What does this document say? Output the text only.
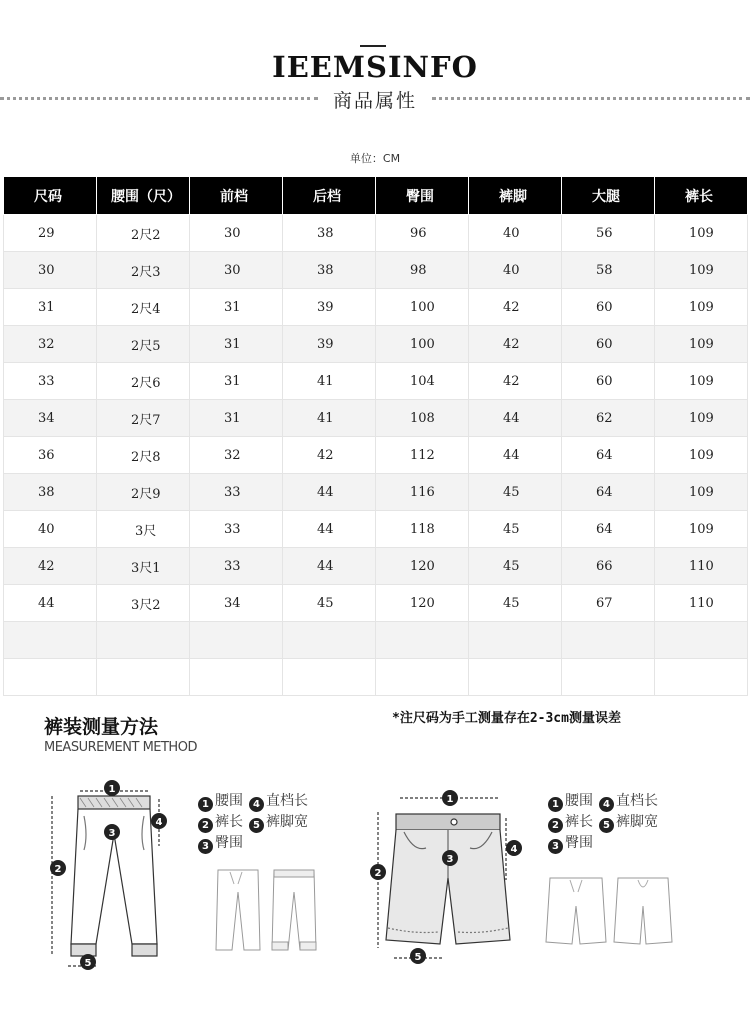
IEEMSINFO
商品属性
单位：CM
尺码	腰围（尺）	前档	后档	臀围	裤脚	大腿	裤长
29	2尺2	30	38	96	40	56	109
30	2尺3	30	38	98	40	58	109
31	2尺4	31	39	100	42	60	109
32	2尺5	31	39	100	42	60	109
33	2尺6	31	41	104	42	60	109
34	2尺7	31	41	108	44	62	109
36	2尺8	32	42	112	44	64	109
38	2尺9	33	44	116	45	64	109
40	3尺	33	44	118	45	64	109
42	3尺1	33	44	120	45	66	110
44	3尺2	34	45	120	45	67	110

裤装测量方法
MEASUREMENT METHOD
*注尺码为手工测量存在2-3cm测量误差
1
3
4
2
5
1 腰围 4 直档长
2 裤长 5 裤脚宽
3 臀围
1
3
4
2
5
1 腰围 4 直档长
2 裤长 5 裤脚宽
3 臀围
